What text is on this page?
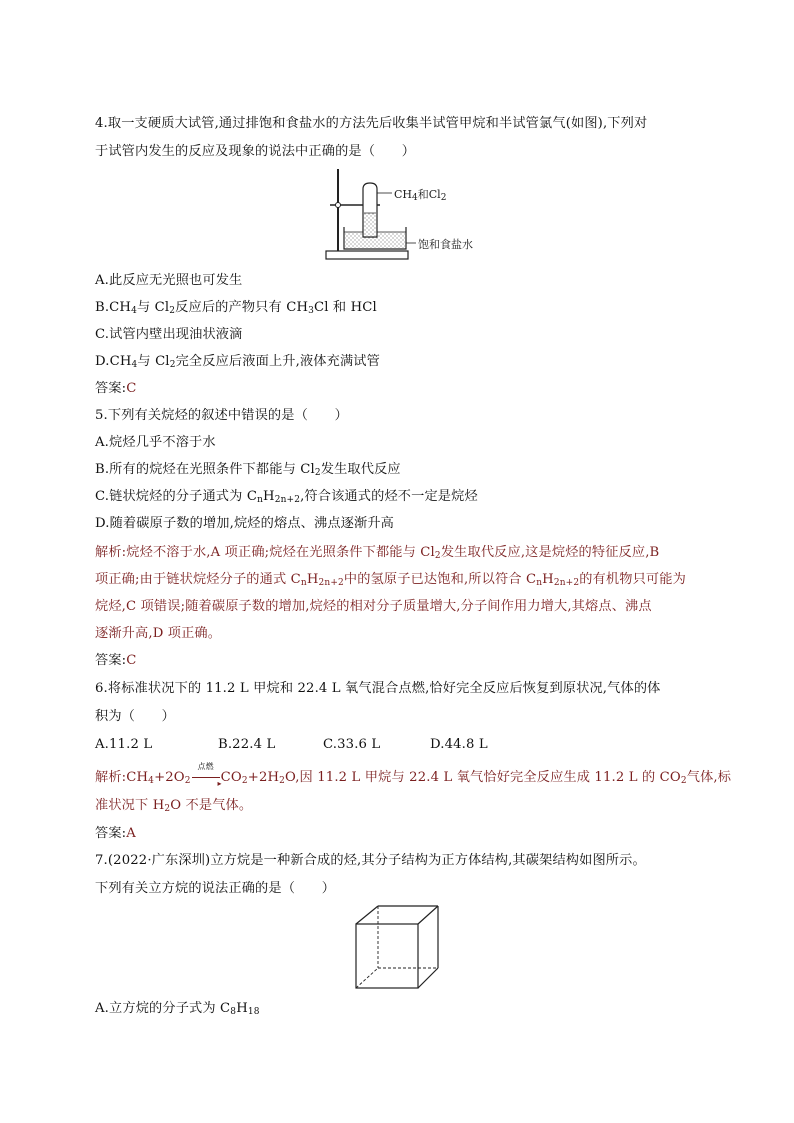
4.取一支硬质大试管,通过排饱和食盐水的方法先后收集半试管甲烷和半试管氯气(如图),下列对
于试管内发生的反应及现象的说法中正确的是（　　）
$CH_4$和$Cl_2$
饱和食盐水
A.此反应无光照也可发生
$B.CH_4$与 $Cl_2$反应后的产物只有 $CH_3Cl$ 和 HCl
C.试管内壁出现油状液滴
$D.CH_4$与 $Cl_2$完全反应后液面上升,液体充满试管
答案:C
5.下列有关烷烃的叙述中错误的是（　　）
A.烷烃几乎不溶于水
B.所有的烷烃在光照条件下都能与 $Cl_2$发生取代反应
C.链状烷烃的分子通式为 $C_nH_{2n+2}$,符合该通式的烃不一定是烷烃
D.随着碳原子数的增加,烷烃的熔点、沸点逐渐升高
解析:烷烃不溶于水,A 项正确;烷烃在光照条件下都能与 $Cl_2$发生取代反应,这是烷烃的特征反应,B
项正确;由于链状烷烃分子的通式 $C_nH_{2n+2}$中的氢原子已达饱和,所以符合 $C_nH_{2n+2}$的有机物只可能为
烷烃,C 项错误;随着碳原子数的增加,烷烃的相对分子质量增大,分子间作用力增大,其熔点、沸点
逐渐升高,D 项正确。
答案:C
6.将标准状况下的 11.2 L 甲烷和 22.4 L 氧气混合点燃,恰好完全反应后恢复到原状况,气体的体
积为（　　）
A.11.2 L	B.22.4 L	C.33.6 L	D.44.8 L
解析$:CH_4+2O_2$
点燃
▸ $CO_2+2H_2O$,因 11.2 L 甲烷与 22.4 L 氧气恰好完全反应生成 11.2 L 的 $CO_2$气体,标
准状况下 $H_2O$ 不是气体。
答案:A
7.(2022·广东深圳)立方烷是一种新合成的烃,其分子结构为正方体结构,其碳架结构如图所示。
下列有关立方烷的说法正确的是（　　）
A.立方烷的分子式为 $C_8H_{18}$
